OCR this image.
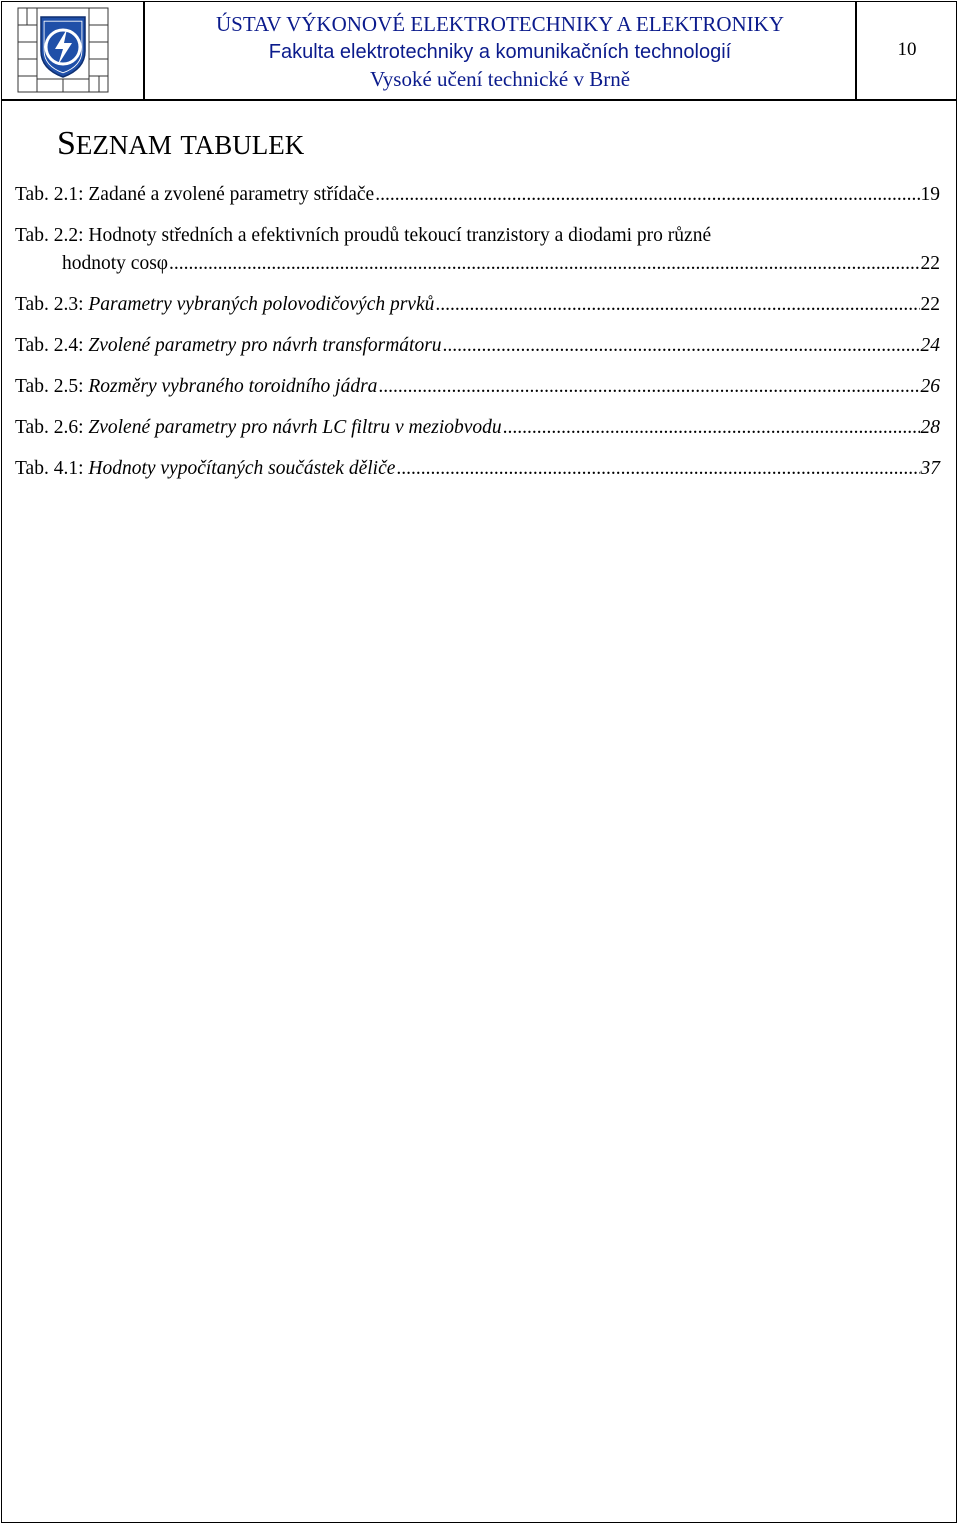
ÚSTAV VÝKONOVÉ ELEKTROTECHNIKY A ELEKTRONIKY
Fakulta elektrotechniky a komunikačních technologií
Vysoké učení technické v Brně
10
SEZNAM TABULEK
Tab. 2.1: Zadané a zvolené parametry střídače .....	19
Tab. 2.2: Hodnoty středních a efektivních proudů tekoucí tranzistory a diodami pro různé
hodnoty cosφ .....	22
Tab. 2.3: Parametry vybraných polovodičových prvků .....	22
Tab. 2.4: Zvolené parametry pro návrh transformátoru .....	24
Tab. 2.5: Rozměry vybraného toroidního jádra .....	26
Tab. 2.6: Zvolené parametry pro návrh LC filtru v meziobvodu .....	28
Tab. 4.1: Hodnoty vypočítaných součástek děliče .....	37
